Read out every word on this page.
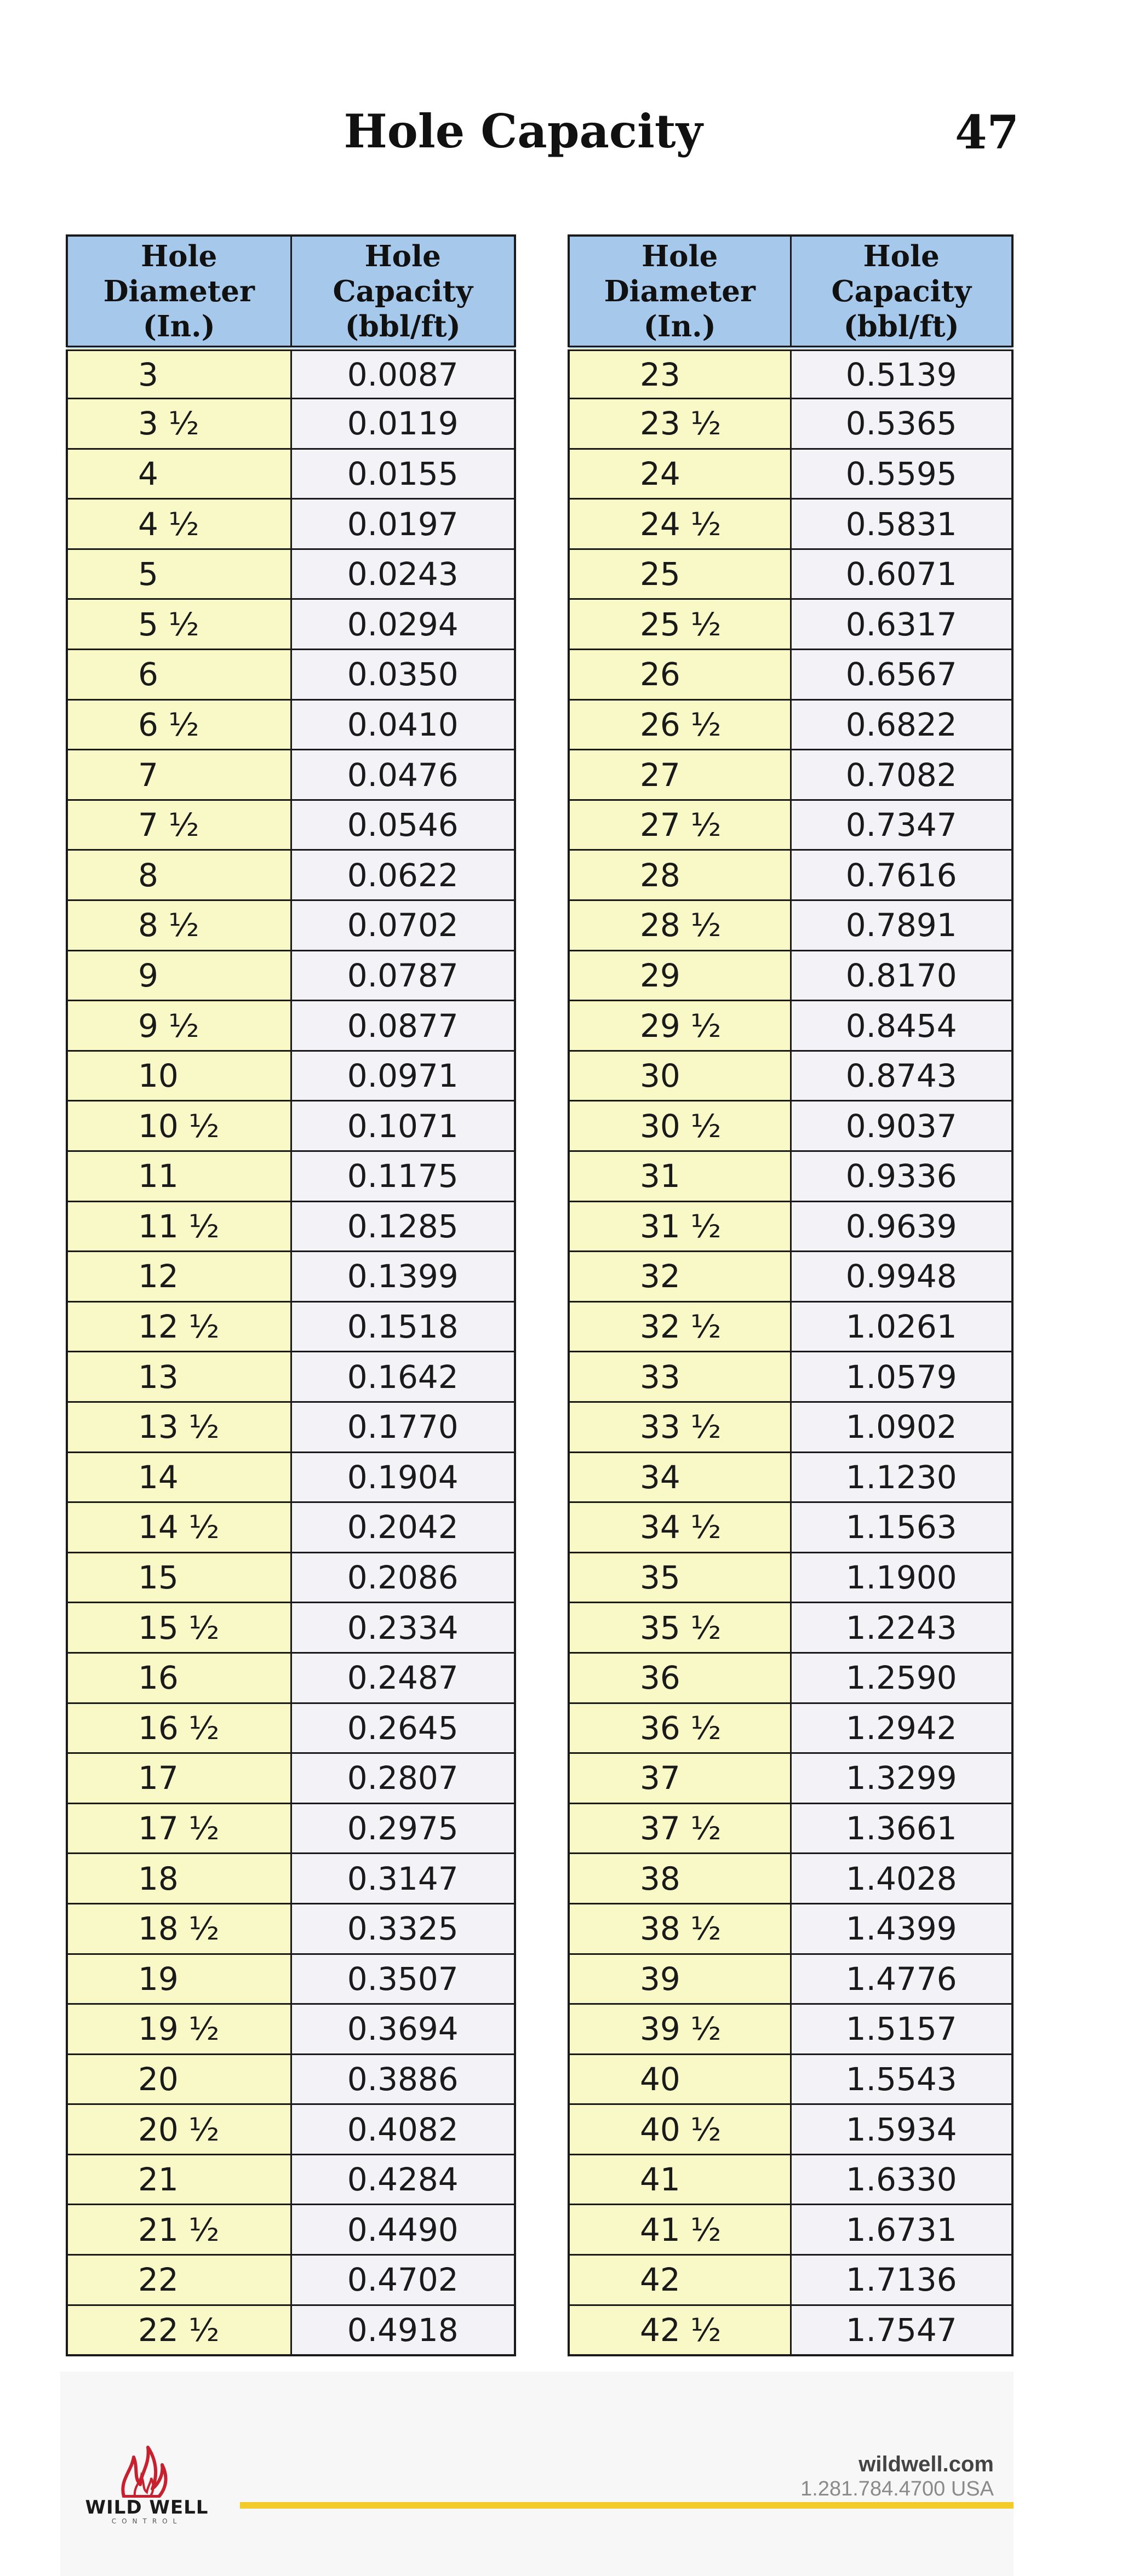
Hole Capacity	47
Hole Diameter (In.)	Hole Capacity (bbl/ft)
3	0.0087
3 ½	0.0119
4	0.0155
4 ½	0.0197
5	0.0243
5 ½	0.0294
6	0.0350
6 ½	0.0410
7	0.0476
7 ½	0.0546
8	0.0622
8 ½	0.0702
9	0.0787
9 ½	0.0877
10	0.0971
10 ½	0.1071
11	0.1175
11 ½	0.1285
12	0.1399
12 ½	0.1518
13	0.1642
13 ½	0.1770
14	0.1904
14 ½	0.2042
15	0.2086
15 ½	0.2334
16	0.2487
16 ½	0.2645
17	0.2807
17 ½	0.2975
18	0.3147
18 ½	0.3325
19	0.3507
19 ½	0.3694
20	0.3886
20 ½	0.4082
21	0.4284
21 ½	0.4490
22	0.4702
22 ½	0.4918
Hole Diameter (In.)	Hole Capacity (bbl/ft)
23	0.5139
23 ½	0.5365
24	0.5595
24 ½	0.5831
25	0.6071
25 ½	0.6317
26	0.6567
26 ½	0.6822
27	0.7082
27 ½	0.7347
28	0.7616
28 ½	0.7891
29	0.8170
29 ½	0.8454
30	0.8743
30 ½	0.9037
31	0.9336
31 ½	0.9639
32	0.9948
32 ½	1.0261
33	1.0579
33 ½	1.0902
34	1.1230
34 ½	1.1563
35	1.1900
35 ½	1.2243
36	1.2590
36 ½	1.2942
37	1.3299
37 ½	1.3661
38	1.4028
38 ½	1.4399
39	1.4776
39 ½	1.5157
40	1.5543
40 ½	1.5934
41	1.6330
41 ½	1.6731
42	1.7136
42 ½	1.7547
WILD WELL
CONTROL
wildwell.com
1.281.784.4700 USA
